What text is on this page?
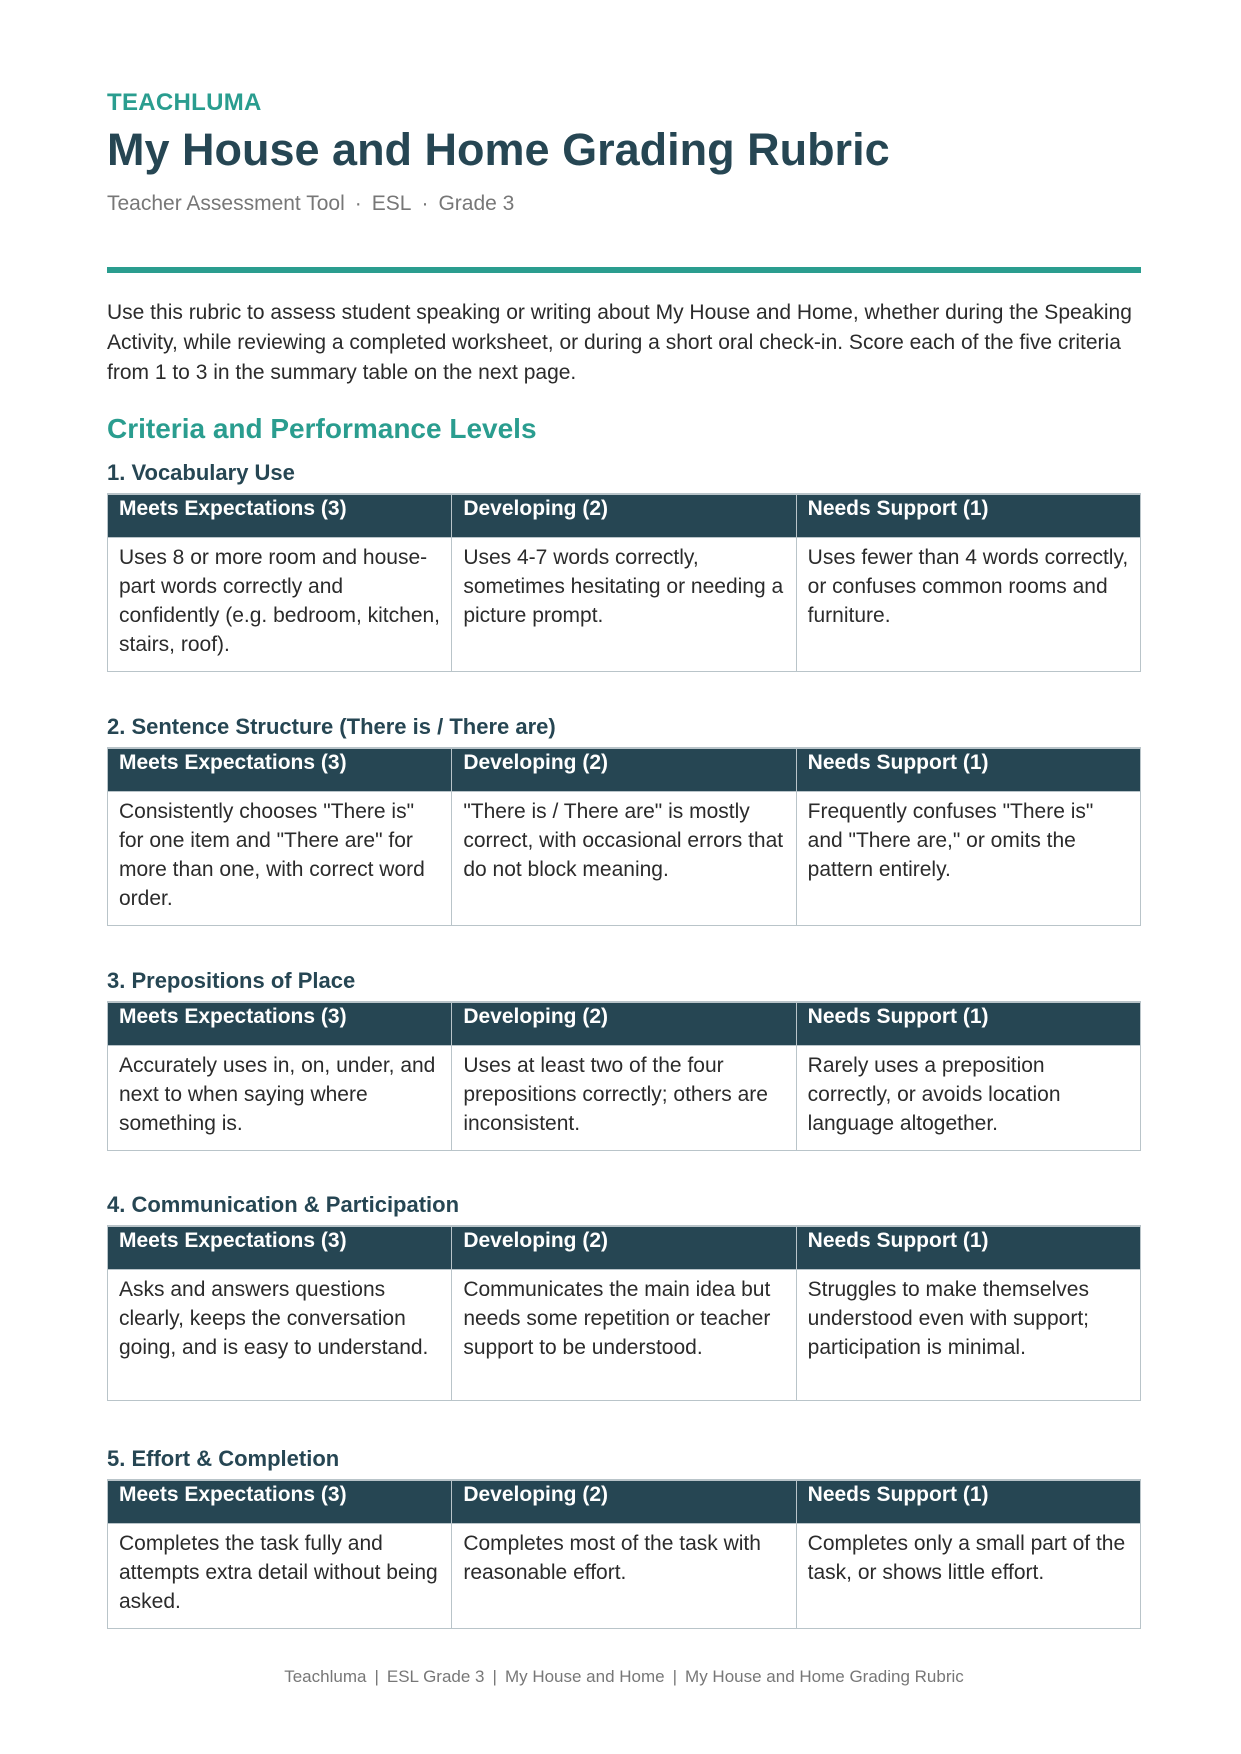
TEACHLUMA
My House and Home Grading Rubric
Teacher Assessment Tool · ESL · Grade 3

Use this rubric to assess student speaking or writing about My House and Home, whether during the Speaking Activity, while reviewing a completed worksheet, or during a short oral check-in. Score each of the five criteria from 1 to 3 in the summary table on the next page.

Criteria and Performance Levels
1. Vocabulary Use
Meets Expectations (3)	Developing (2)	Needs Support (1)
Uses 8 or more room and house-part words correctly and confidently (e.g. bedroom, kitchen, stairs, roof).	Uses 4-7 words correctly, sometimes hesitating or needing a picture prompt.	Uses fewer than 4 words correctly, or confuses common rooms and furniture.
2. Sentence Structure (There is / There are)
Meets Expectations (3)	Developing (2)	Needs Support (1)
Consistently chooses "There is" for one item and "There are" for more than one, with correct word order.	"There is / There are" is mostly correct, with occasional errors that do not block meaning.	Frequently confuses "There is" and "There are," or omits the pattern entirely.
3. Prepositions of Place
Meets Expectations (3)	Developing (2)	Needs Support (1)
Accurately uses in, on, under, and next to when saying where something is.	Uses at least two of the four prepositions correctly; others are inconsistent.	Rarely uses a preposition correctly, or avoids location language altogether.
4. Communication & Participation
Meets Expectations (3)	Developing (2)	Needs Support (1)
Asks and answers questions clearly, keeps the conversation going, and is easy to understand.	Communicates the main idea but needs some repetition or teacher support to be understood.	Struggles to make themselves understood even with support; participation is minimal.
5. Effort & Completion
Meets Expectations (3)	Developing (2)	Needs Support (1)
Completes the task fully and attempts extra detail without being asked.	Completes most of the task with reasonable effort.	Completes only a small part of the task, or shows little effort.
Teachluma | ESL Grade 3 | My House and Home | My House and Home Grading Rubric
